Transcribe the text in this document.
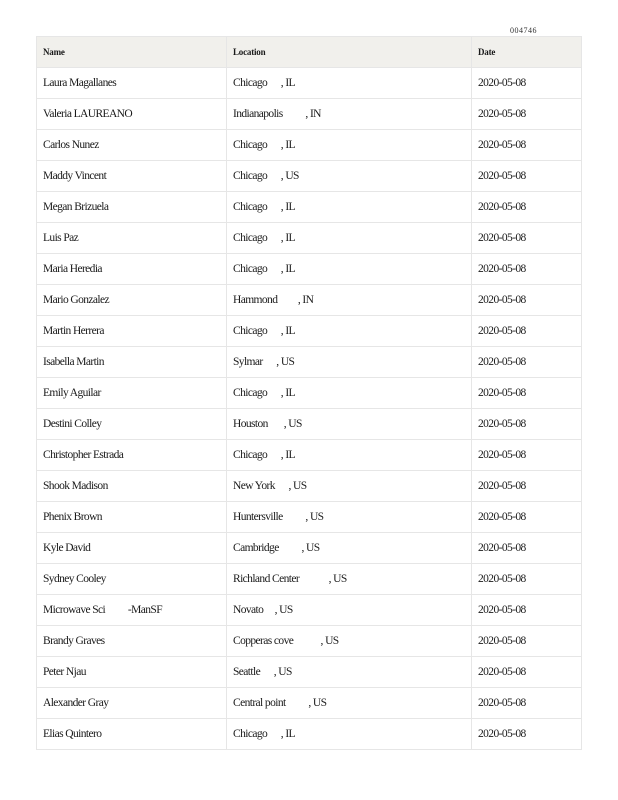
004746
Name	Location	Date
Laura Magallanes	Chicago      , IL	2020-05-08
Valeria LAUREANO	Indianapolis          , IN	2020-05-08
Carlos Nunez	Chicago      , IL	2020-05-08
Maddy Vincent	Chicago      , US	2020-05-08
Megan Brizuela	Chicago      , IL	2020-05-08
Luis Paz	Chicago      , IL	2020-05-08
Maria Heredia	Chicago      , IL	2020-05-08
Mario Gonzalez	Hammond         , IN	2020-05-08
Martin Herrera	Chicago      , IL	2020-05-08
Isabella Martin	Sylmar      , US	2020-05-08
Emily Aguilar	Chicago      , IL	2020-05-08
Destini Colley	Houston       , US	2020-05-08
Christopher Estrada	Chicago      , IL	2020-05-08
Shook Madison	New York      , US	2020-05-08
Phenix Brown	Huntersville          , US	2020-05-08
Kyle David	Cambridge          , US	2020-05-08
Sydney Cooley	Richland Center             , US	2020-05-08
Microwave Sci          -ManSF	Novato     , US	2020-05-08
Brandy Graves	Copperas cove            , US	2020-05-08
Peter Njau	Seattle      , US	2020-05-08
Alexander Gray	Central point          , US	2020-05-08
Elias Quintero	Chicago      , IL	2020-05-08
